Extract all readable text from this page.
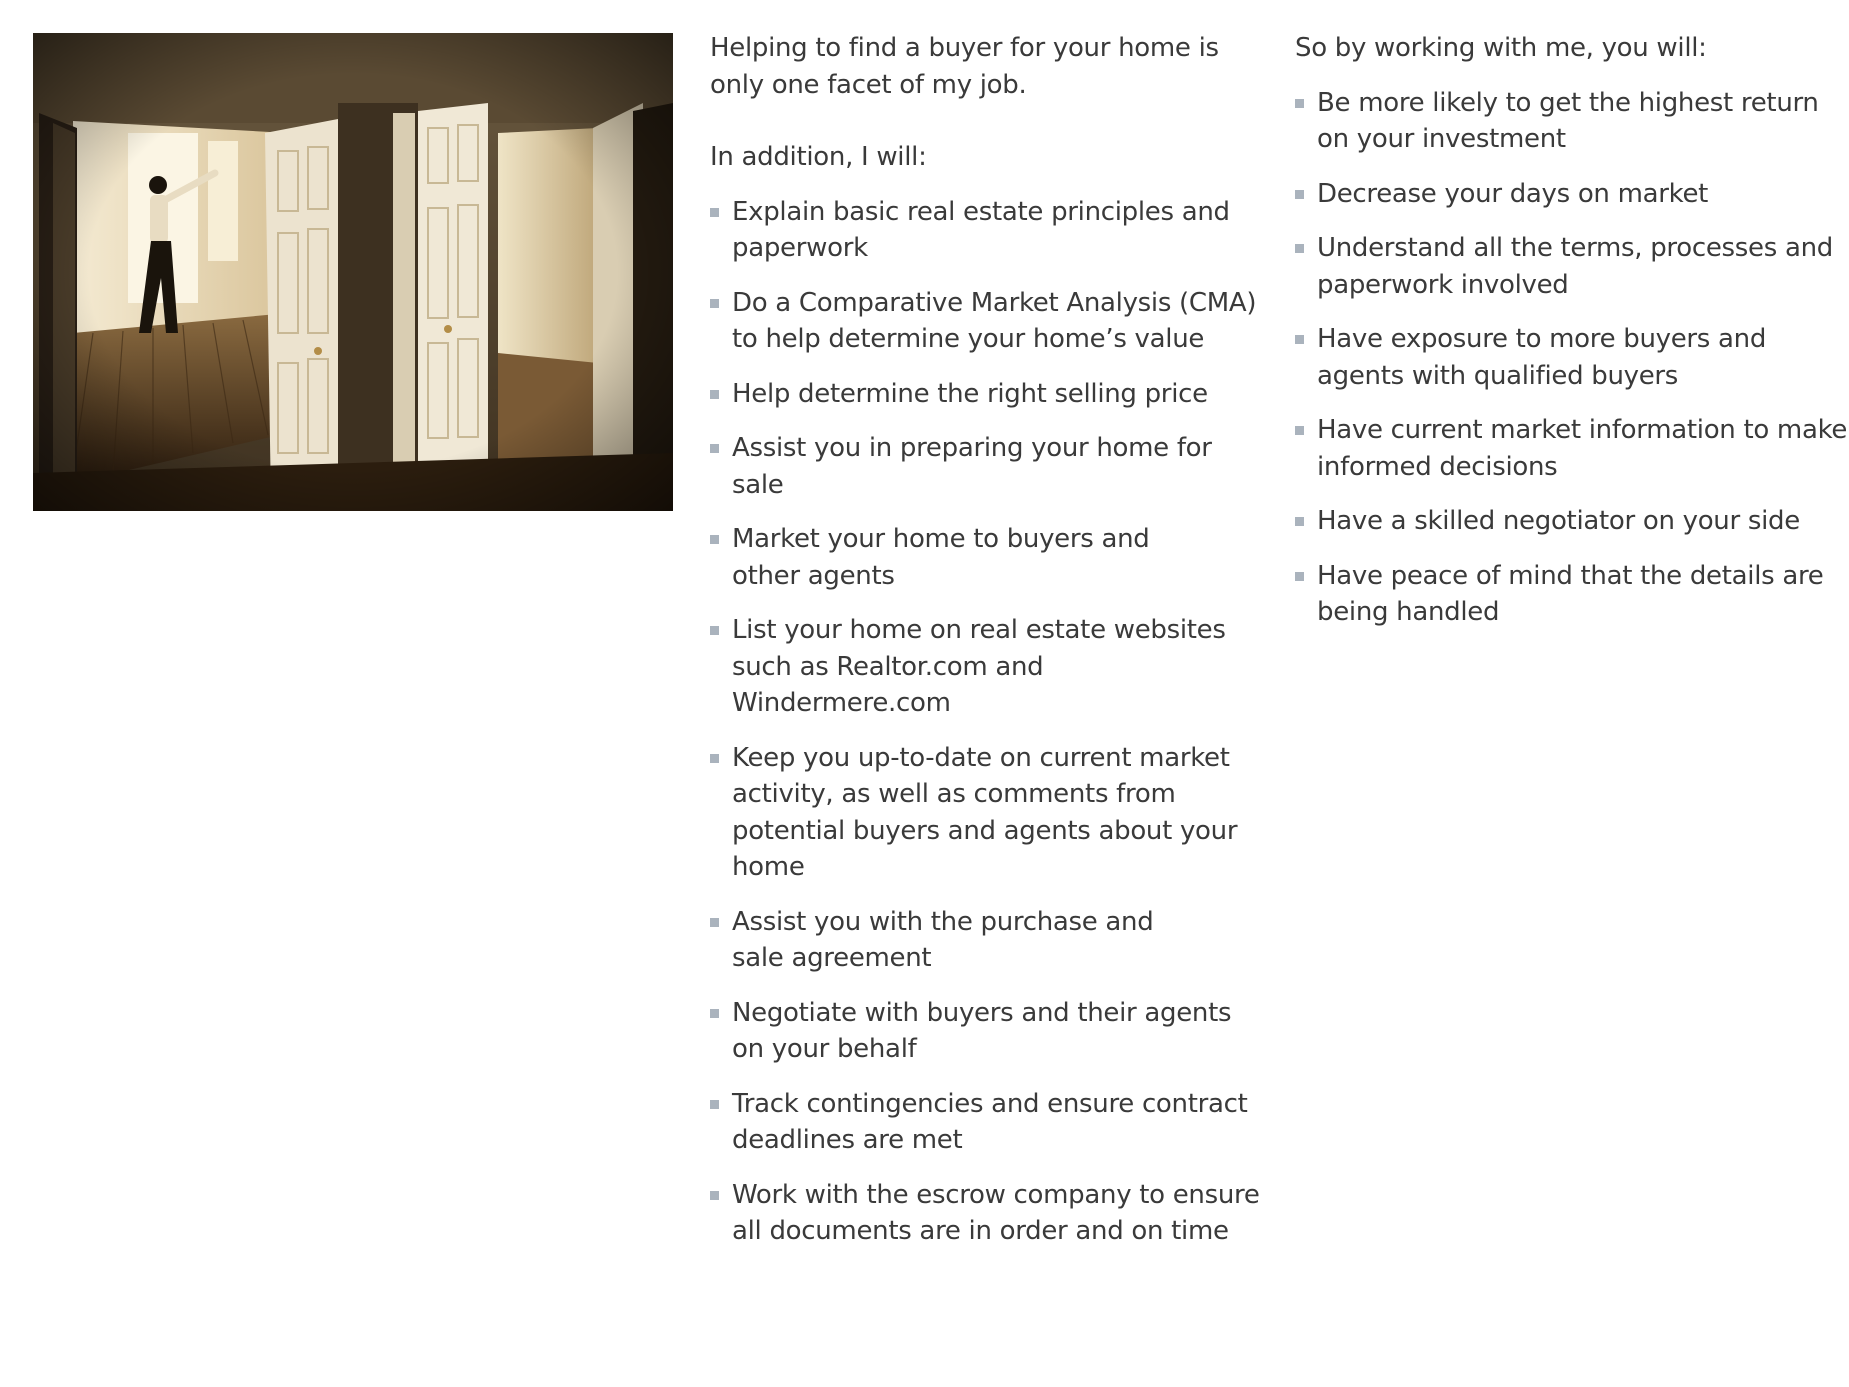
Helping to find a buyer for your home is only one facet of my job.

In addition, I will:

Explain basic real estate principles and paperwork
Do a Comparative Market Analysis (CMA) to help determine your home’s value
Help determine the right selling price
Assist you in preparing your home for sale
Market your home to buyers and other agents
List your home on real estate websites such as Realtor.com and Windermere.com
Keep you up-to-date on current market activity, as well as comments from potential buyers and agents about your home
Assist you with the purchase and sale agreement
Negotiate with buyers and their agents on your behalf
Track contingencies and ensure contract deadlines are met
Work with the escrow company to ensure all documents are in order and on time

So by working with me, you will:

Be more likely to get the highest return on your investment
Decrease your days on market
Understand all the terms, processes and paperwork involved
Have exposure to more buyers and agents with qualified buyers
Have current market information to make informed decisions
Have a skilled negotiator on your side
Have peace of mind that the details are being handled
